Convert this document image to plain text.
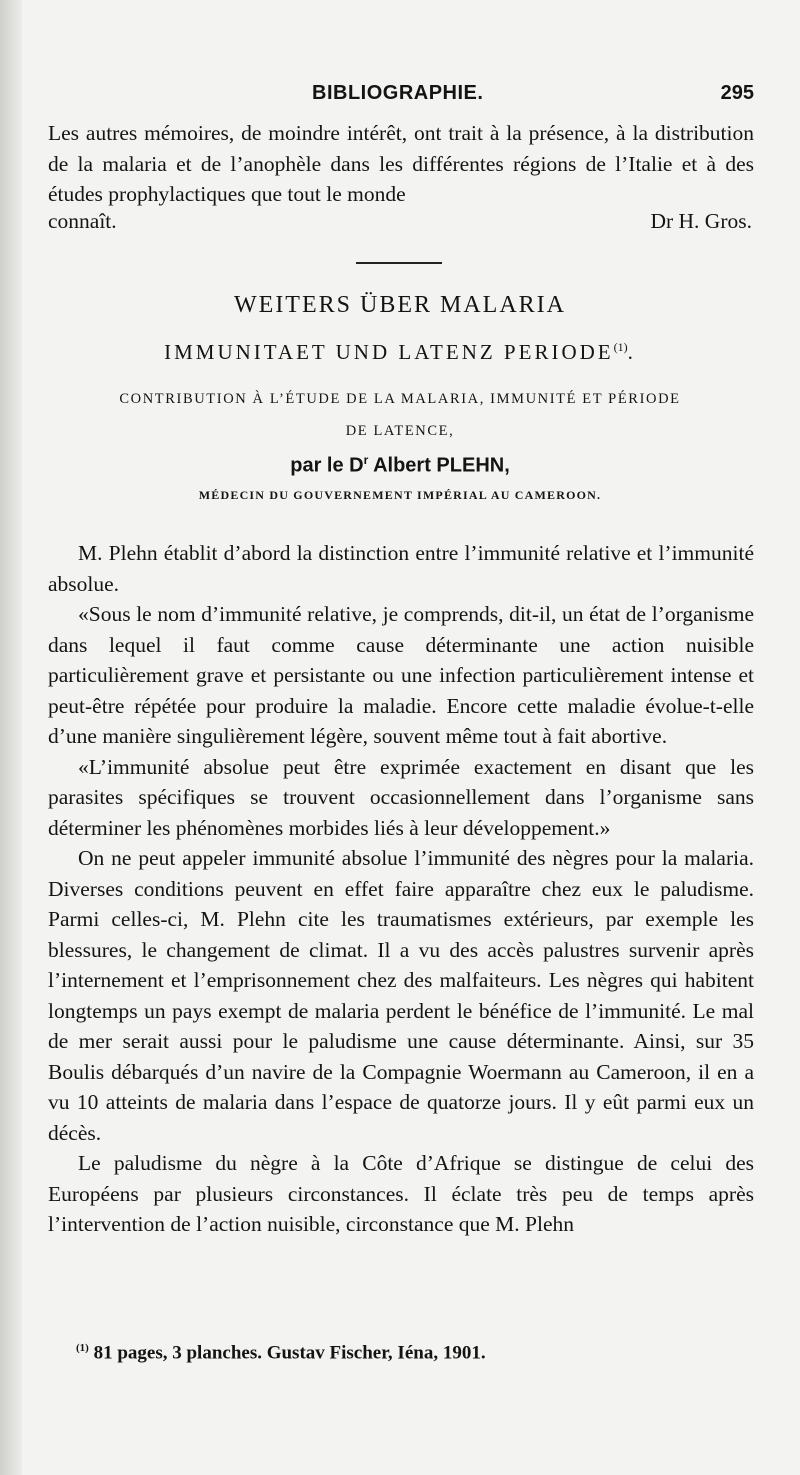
BIBLIOGRAPHIE.	295
Les autres mémoires, de moindre intérêt, ont trait à la présence, à la distribution de la malaria et de l’anophèle dans les différentes régions de l’Italie et à des études prophylactiques que tout le monde
connaît.	Dr H. Gros.
WEITERS ÜBER MALARIA
IMMUNITAET UND LATENZ PERIODE$^{(1)}$.
CONTRIBUTION À L’ÉTUDE DE LA MALARIA, IMMUNITÉ ET PÉRIODE
DE LATENCE,
par le $D^r$ Albert PLEHN,
MÉDECIN DU GOUVERNEMENT IMPÉRIAL AU CAMEROON.

M. Plehn établit d’abord la distinction entre l’immunité relative et l’immunité absolue.

«Sous le nom d’immunité relative, je comprends, dit-il, un état de l’organisme dans lequel il faut comme cause déterminante une action nuisible particulièrement grave et persistante ou une infection particulièrement intense et peut-être répétée pour produire la maladie. Encore cette maladie évolue-t-elle d’une manière singulièrement légère, souvent même tout à fait abortive.

«L’immunité absolue peut être exprimée exactement en disant que les parasites spécifiques se trouvent occasionnellement dans l’organisme sans déterminer les phénomènes morbides liés à leur développement.»

On ne peut appeler immunité absolue l’immunité des nègres pour la malaria. Diverses conditions peuvent en effet faire apparaître chez eux le paludisme. Parmi celles-ci, M. Plehn cite les traumatismes extérieurs, par exemple les blessures, le changement de climat. Il a vu des accès palustres survenir après l’internement et l’emprisonnement chez des malfaiteurs. Les nègres qui habitent longtemps un pays exempt de malaria perdent le bénéfice de l’immunité. Le mal de mer serait aussi pour le paludisme une cause déterminante. Ainsi, sur 35 Boulis débarqués d’un navire de la Compagnie Woermann au Cameroon, il en a vu 10 atteints de malaria dans l’espace de quatorze jours. Il y eût parmi eux un décès.

Le paludisme du nègre à la Côte d’Afrique se distingue de celui des Européens par plusieurs circonstances. Il éclate très peu de temps après l’intervention de l’action nuisible, circonstance que M. Plehn

$^{(1)}$ 81 pages, 3 planches. Gustav Fischer, Iéna, 1901.
